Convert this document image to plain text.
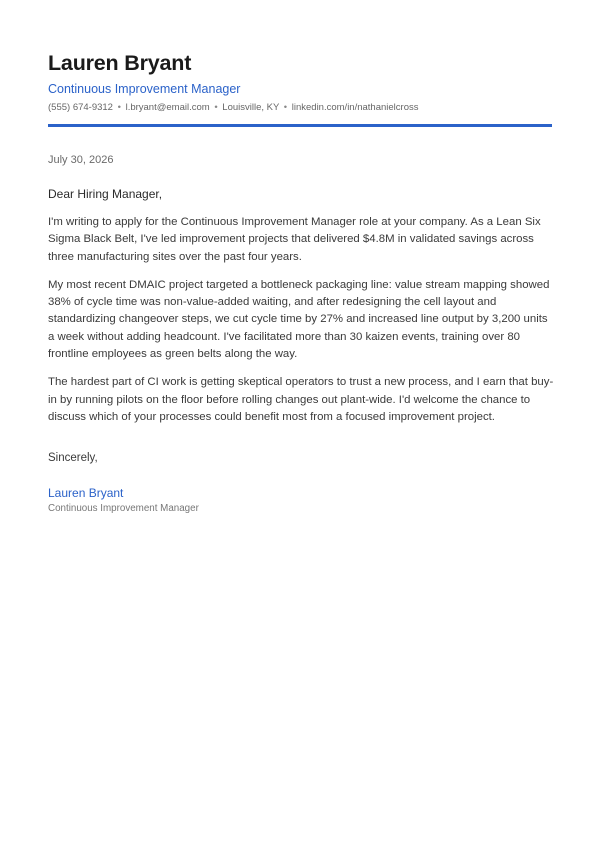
Lauren Bryant
Continuous Improvement Manager
(555) 674-9312 • l.bryant@email.com • Louisville, KY • linkedin.com/in/nathanielcross
July 30, 2026
Dear Hiring Manager,

I'm writing to apply for the Continuous Improvement Manager role at your company. As a Lean Six Sigma Black Belt, I've led improvement projects that delivered $4.8M in validated savings across three manufacturing sites over the past four years.

My most recent DMAIC project targeted a bottleneck packaging line: value stream mapping showed 38% of cycle time was non-value-added waiting, and after redesigning the cell layout and standardizing changeover steps, we cut cycle time by 27% and increased line output by 3,200 units a week without adding headcount. I've facilitated more than 30 kaizen events, training over 80 frontline employees as green belts along the way.

The hardest part of CI work is getting skeptical operators to trust a new process, and I earn that buy-in by running pilots on the floor before rolling changes out plant-wide. I'd welcome the chance to discuss which of your processes could benefit most from a focused improvement project.

Sincerely,
Lauren Bryant
Continuous Improvement Manager
